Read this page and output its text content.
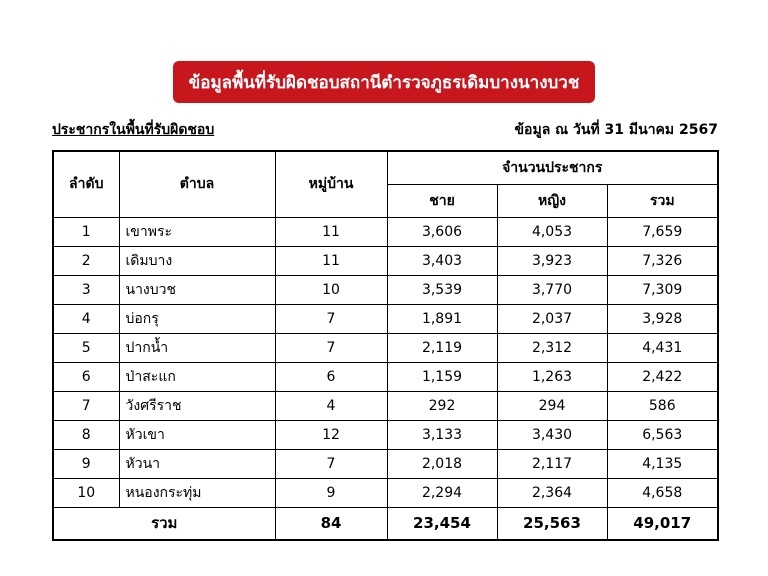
ข้อมูลพื้นที่รับผิดชอบสถานีตำรวจภูธรเดิมบางนางบวช
ประชากรในพื้นที่รับผิดชอบ	ข้อมูล ณ วันที่ 31 มีนาคม 2567
ลำดับ	ตำบล	หมู่บ้าน	จำนวนประชากร		
			ชาย	หญิง	รวม
1	เขาพระ	11	3,606	4,053	7,659
2	เดิมบาง	11	3,403	3,923	7,326
3	นางบวช	10	3,539	3,770	7,309
4	บ่อกรุ	7	1,891	2,037	3,928
5	ปากน้ำ	7	2,119	2,312	4,431
6	ป่าสะแก	6	1,159	1,263	2,422
7	วังศรีราช	4	292	294	586
8	หัวเขา	12	3,133	3,430	6,563
9	หัวนา	7	2,018	2,117	4,135
10	หนองกระทุ่ม	9	2,294	2,364	4,658
รวม		84	23,454	25,563	49,017
